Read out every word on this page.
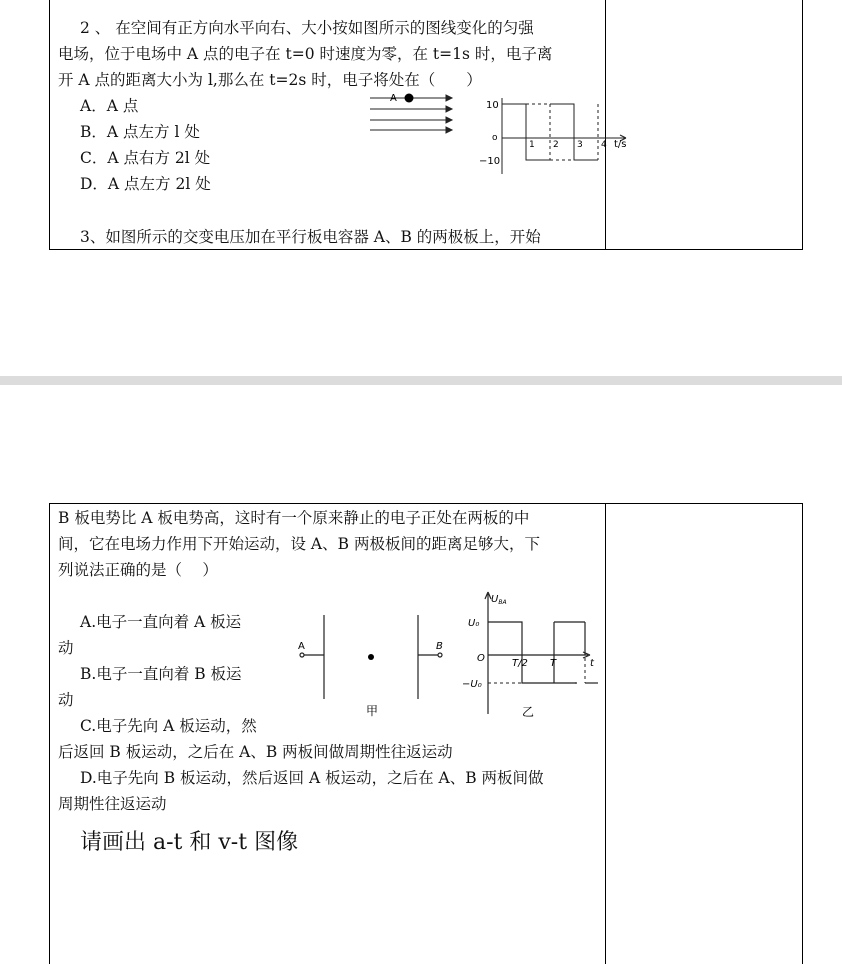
2 、 在空间有正方向水平向右、大小按如图所示的图线变化的匀强
电场，位于电场中 A 点的电子在 t=0 时速度为零，在 t=1s 时，电子离
开 A 点的距离大小为 l,那么在 t=2s 时，电子将处在（　　）
A．A 点
B．A 点左方 l 处
C．A 点右方 2l 处
D．A 点左方 2l 处
3、如图所示的交变电压加在平行板电容器 A、B 的两极板上，开始
A
10
o
−10
1 2 3 4 t/s
B 板电势比 A 板电势高，这时有一个原来静止的电子正处在两板的中
间，它在电场力作用下开始运动，设 A、B 两极板间的距离足够大，下
列说法正确的是（　 ）
A.电子一直向着 A 板运
动
B.电子一直向着 B 板运
动
C.电子先向 A 板运动，然
后返回 B 板运动，之后在 A、B 两板间做周期性往返运动
D.电子先向 B 板运动，然后返回 A 板运动，之后在 A、B 两板间做
周期性往返运动
请画出 a-t 和 v-t 图像
A	B
甲
$U_{BA}$
U₀
O
−U₀
T/2 T	t
乙
